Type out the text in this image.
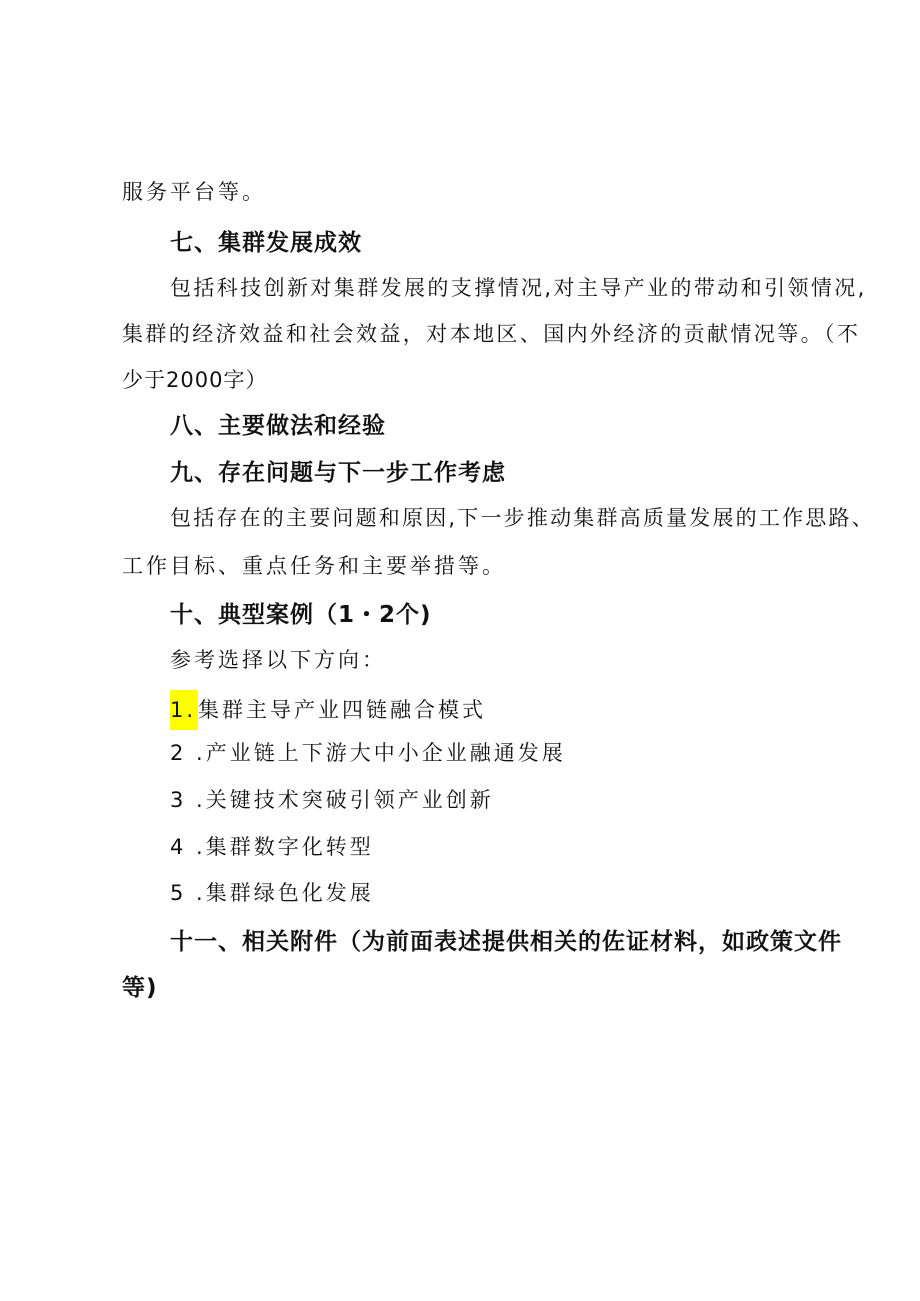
服务平台等。
七、集群发展成效
包括科技创新对集群发展的支撑情况,对主导产业的带动和引领情况,
集群的经济效益和社会效益，对本地区、国内外经济的贡献情况等。（不
少于2000字）
八、主要做法和经验
九、存在问题与下一步工作考虑
包括存在的主要问题和原因,下一步推动集群高质量发展的工作思路、
工作目标、重点任务和主要举措等。
十、典型案例（1・2个)
参考选择以下方向：
1.集群主导产业四链融合模式
2 .产业链上下游大中小企业融通发展
3 .关键技术突破引领产业创新
4 .集群数字化转型
5 .集群绿色化发展
十一、相关附件（为前面表述提供相关的佐证材料，如政策文件
等)
